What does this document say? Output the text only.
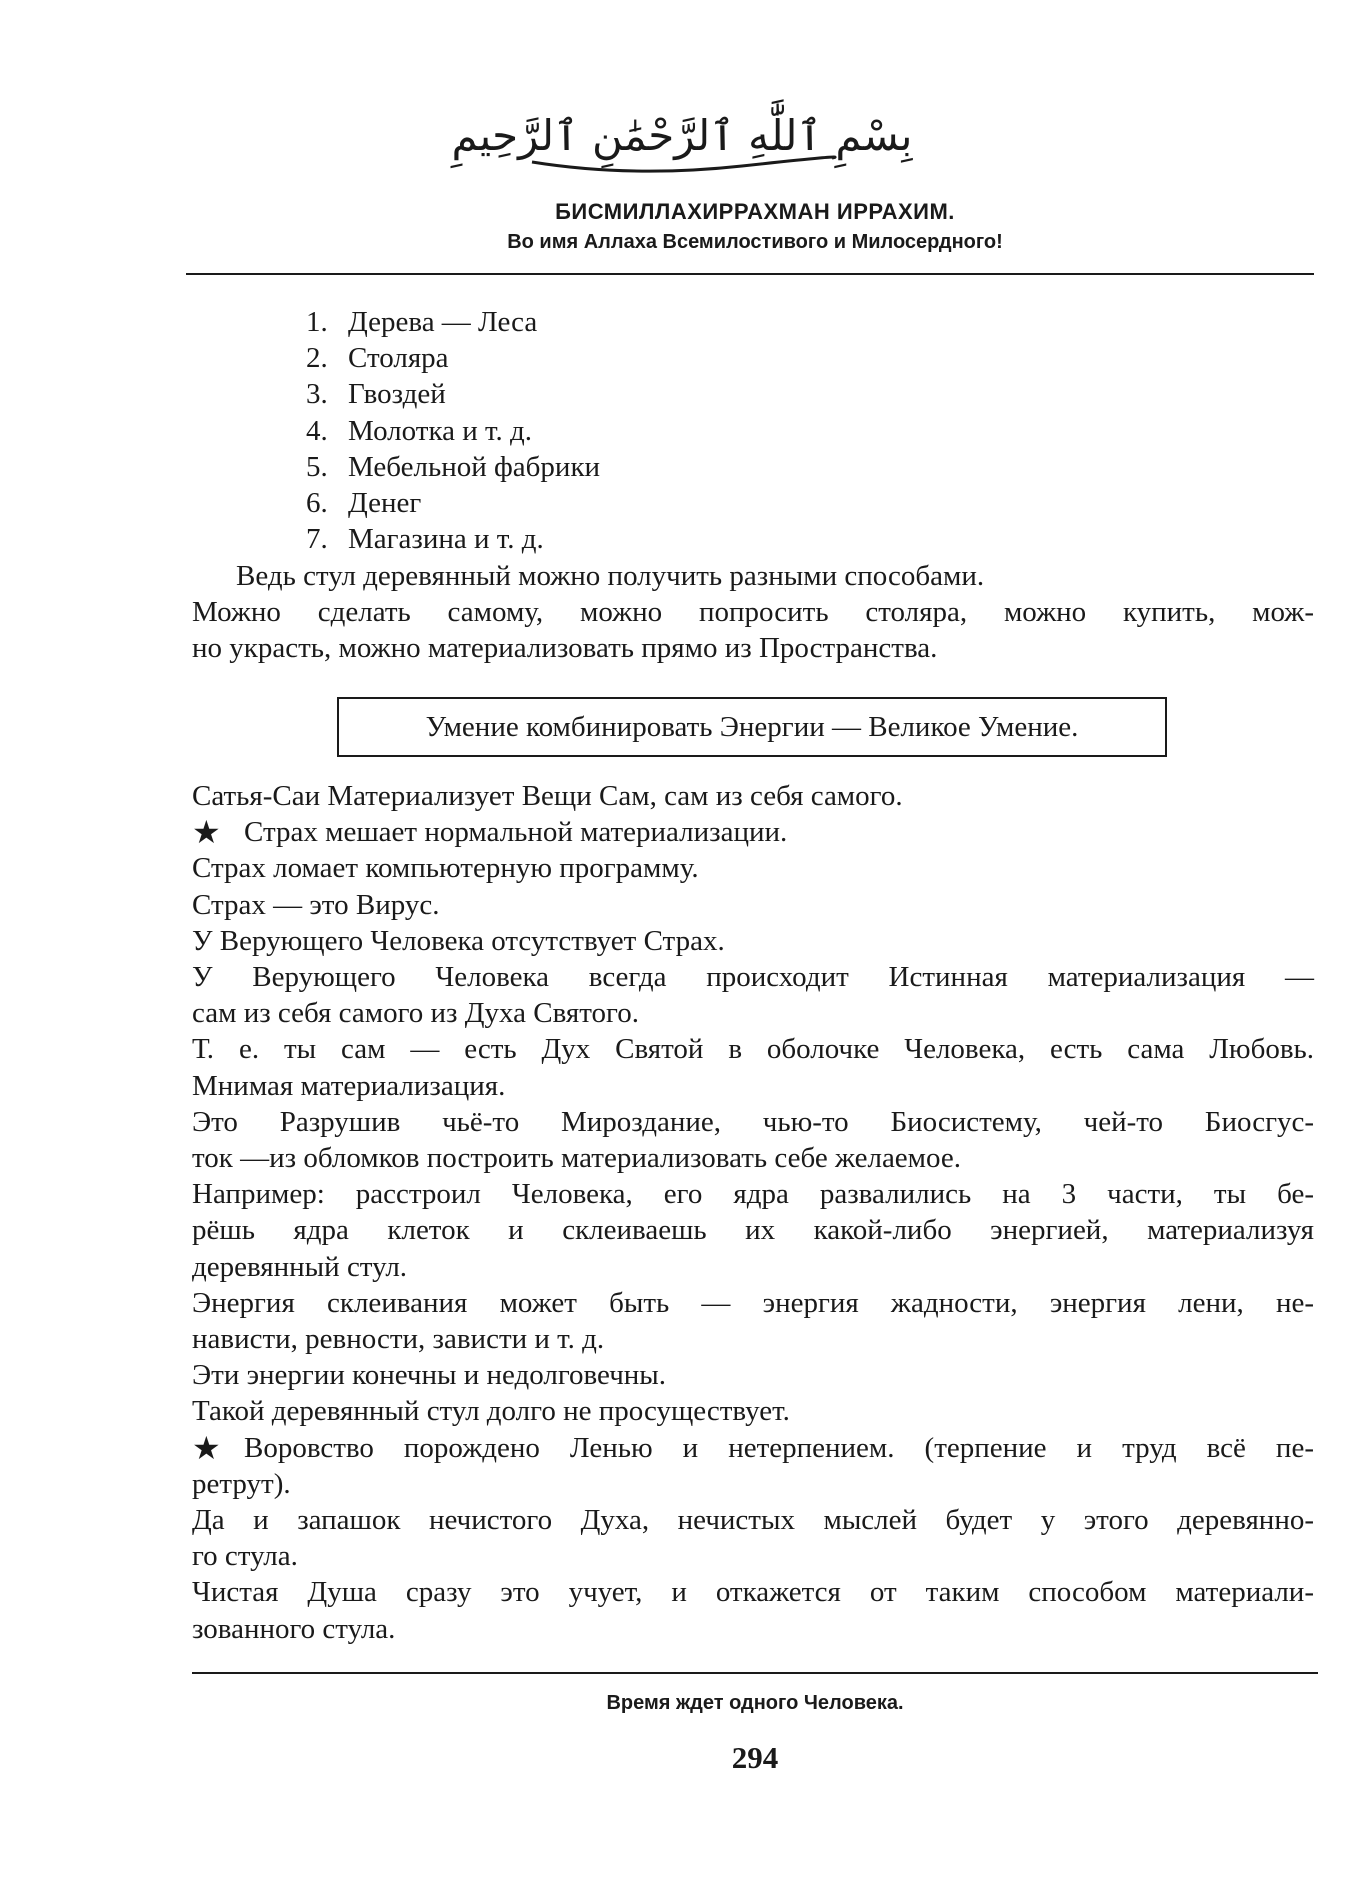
بِسْمِ ٱللَّٰهِ ٱلرَّحْمَٰنِ ٱلرَّحِيمِ
БИСМИЛЛАХИРРАХМАН ИРРАХИМ.
Во имя Аллаха Всемилостивого и Милосердного!
1. Дерева — Леса
2. Столяра
3. Гвоздей
4. Молотка и т. д.
5. Мебельной фабрики
6. Денег
7. Магазина и т. д.
Ведь стул деревянный можно получить разными способами.
Можно сделать самому, можно попросить столяра, можно купить, мож-
но украсть, можно материализовать прямо из Пространства.
Умение комбинировать Энергии — Великое Умение.
Сатья-Саи Материализует Вещи Сам, сам из себя самого.
★ Страх мешает нормальной материализации.
Страх ломает компьютерную программу.
Страх — это Вирус.
У Верующего Человека отсутствует Страх.
У Верующего Человека всегда происходит Истинная материализация —
сам из себя самого из Духа Святого.
Т. е. ты сам — есть Дух Святой в оболочке Человека, есть сама Любовь.
Мнимая материализация.
Это Разрушив чьё-то Мироздание, чью-то Биосистему, чей-то Биосгус-
ток —из обломков построить материализовать себе желаемое.
Например: расстроил Человека, его ядра развалились на 3 части, ты бе-
рёшь ядра клеток и склеиваешь их какой-либо энергией, материализуя
деревянный стул.
Энергия склеивания может быть — энергия жадности, энергия лени, не-
нависти, ревности, зависти и т. д.
Эти энергии конечны и недолговечны.
Такой деревянный стул долго не просуществует.
★ Воровство порождено Ленью и нетерпением. (терпение и труд всё пе-
ретрут).
Да и запашок нечистого Духа, нечистых мыслей будет у этого деревянно-
го стула.
Чистая Душа сразу это учует, и откажется от таким способом материали-
зованного стула.
Время ждет одного Человека.
294
